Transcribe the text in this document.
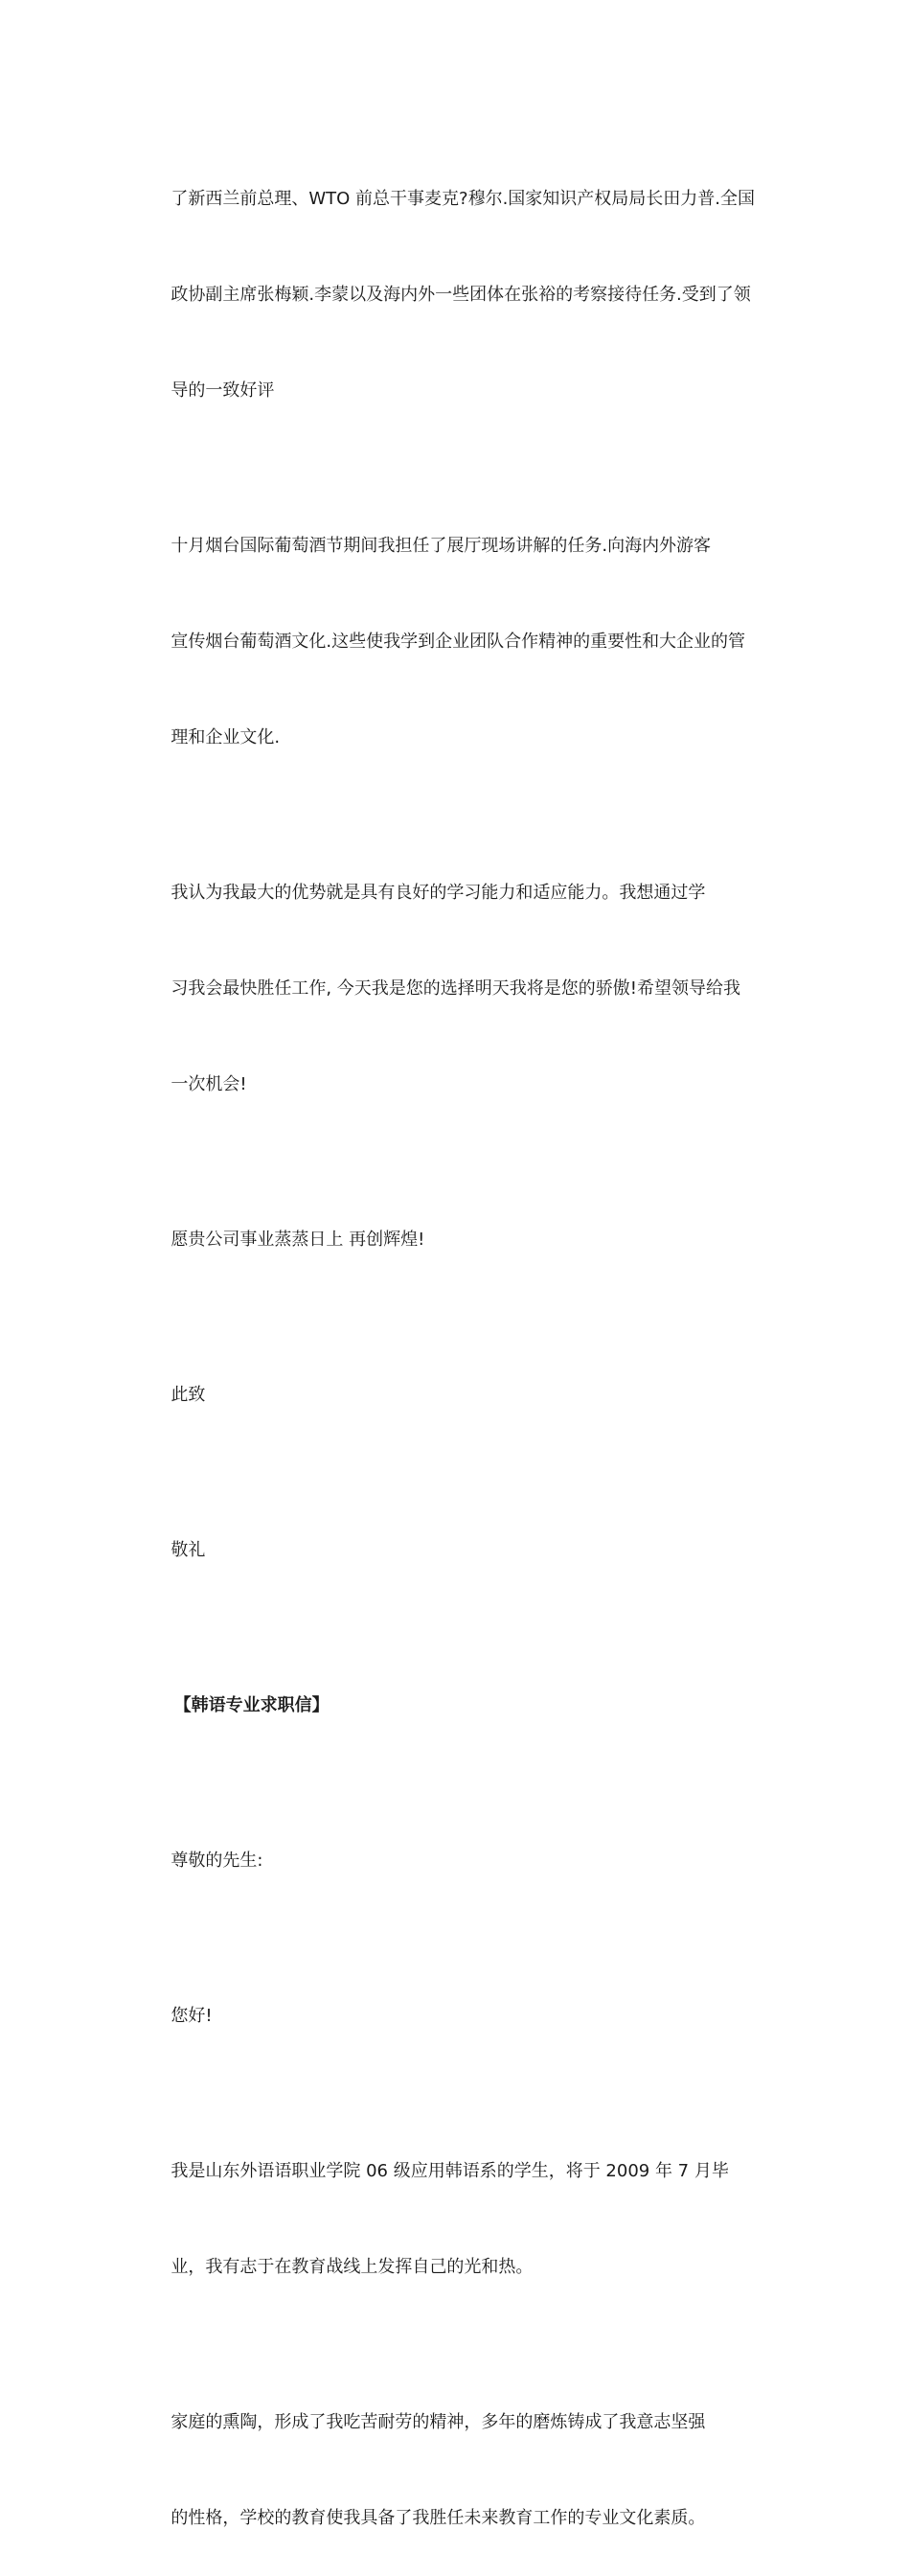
了新西兰前总理、WTO 前总干事麦克?穆尔.国家知识产权局局长田力普.全国

政协副主席张梅颖.李蒙以及海内外一些团体在张裕的考察接待任务.受到了领

导的一致好评

十月烟台国际葡萄酒节期间我担任了展厅现场讲解的任务.向海内外游客

宣传烟台葡萄酒文化.这些使我学到企业团队合作精神的重要性和大企业的管

理和企业文化.

我认为我最大的优势就是具有良好的学习能力和适应能力。我想通过学

习我会最快胜任工作, 今天我是您的选择明天我将是您的骄傲!希望领导给我

一次机会!

愿贵公司事业蒸蒸日上 再创辉煌!

此致

敬礼

【韩语专业求职信】

尊敬的先生:

您好!

我是山东外语语职业学院 06 级应用韩语系的学生，将于 2009 年 7 月毕

业，我有志于在教育战线上发挥自己的光和热。

家庭的熏陶，形成了我吃苦耐劳的精神，多年的磨炼铸成了我意志坚强

的性格，学校的教育使我具备了我胜任未来教育工作的专业文化素质。
